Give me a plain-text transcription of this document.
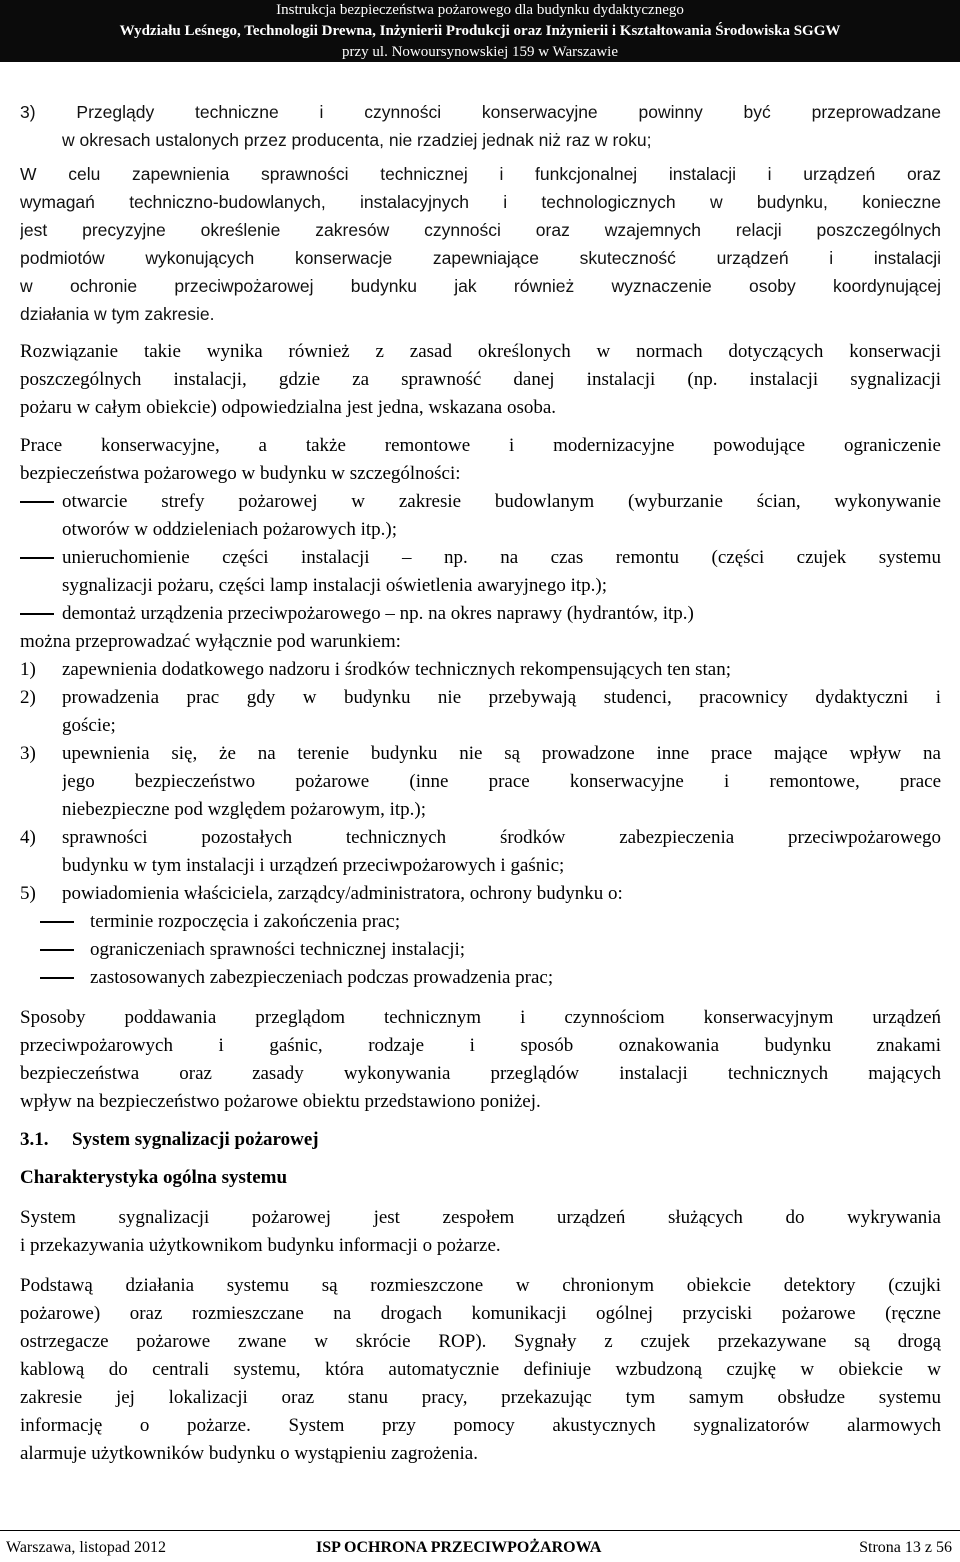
Instrukcja bezpieczeństwa pożarowego dla budynku dydaktycznego
Wydziału Leśnego, Technologii Drewna, Inżynierii Produkcji oraz Inżynierii i Kształtowania Środowiska SGGW
przy ul. Nowoursynowskiej 159 w Warszawie
3) Przeglądy techniczne i czynności konserwacyjne powinny być przeprowadzane
w okresach ustalonych przez producenta, nie rzadziej jednak niż raz w roku;
W celu zapewnienia sprawności technicznej i funkcjonalnej instalacji i urządzeń oraz
wymagań techniczno-budowlanych, instalacyjnych i technologicznych w budynku, konieczne
jest precyzyjne określenie zakresów czynności oraz wzajemnych relacji poszczególnych
podmiotów wykonujących konserwacje zapewniające skuteczność urządzeń i instalacji
w ochronie przeciwpożarowej budynku jak również wyznaczenie osoby koordynującej
działania w tym zakresie.
Rozwiązanie takie wynika również z zasad określonych w normach dotyczących konserwacji
poszczególnych instalacji, gdzie za sprawność danej instalacji (np. instalacji sygnalizacji
pożaru w całym obiekcie) odpowiedzialna jest jedna, wskazana osoba.
Prace konserwacyjne, a także remontowe i modernizacyjne powodujące ograniczenie
bezpieczeństwa pożarowego w budynku w szczególności:
otwarcie strefy pożarowej w zakresie budowlanym (wyburzanie ścian, wykonywanie
otworów w oddzieleniach pożarowych itp.);
unieruchomienie części instalacji – np. na czas remontu (części czujek systemu
sygnalizacji pożaru, części lamp instalacji oświetlenia awaryjnego itp.);
demontaż urządzenia przeciwpożarowego – np. na okres naprawy (hydrantów, itp.)
można przeprowadzać wyłącznie pod warunkiem:
1) zapewnienia dodatkowego nadzoru i środków technicznych rekompensujących ten stan;
2) prowadzenia prac gdy w budynku nie przebywają studenci, pracownicy dydaktyczni i
goście;
3) upewnienia się, że na terenie budynku nie są prowadzone inne prace mające wpływ na
jego bezpieczeństwo pożarowe (inne prace konserwacyjne i remontowe, prace
niebezpieczne pod względem pożarowym, itp.);
4) sprawności pozostałych technicznych środków zabezpieczenia przeciwpożarowego
budynku w tym instalacji i urządzeń przeciwpożarowych i gaśnic;
5) powiadomienia właściciela, zarządcy/administratora, ochrony budynku o:
terminie rozpoczęcia i zakończenia prac;
ograniczeniach sprawności technicznej instalacji;
zastosowanych zabezpieczeniach podczas prowadzenia prac;
Sposoby poddawania przeglądom technicznym i czynnościom konserwacyjnym urządzeń
przeciwpożarowych i gaśnic, rodzaje i sposób oznakowania budynku znakami
bezpieczeństwa oraz zasady wykonywania przeglądów instalacji technicznych mających
wpływ na bezpieczeństwo pożarowe obiektu przedstawiono poniżej.
3.1. System sygnalizacji pożarowej
Charakterystyka ogólna systemu
System sygnalizacji pożarowej jest zespołem urządzeń służących do wykrywania
i przekazywania użytkownikom budynku informacji o pożarze.
Podstawą działania systemu są rozmieszczone w chronionym obiekcie detektory (czujki
pożarowe) oraz rozmieszczane na drogach komunikacji ogólnej przyciski pożarowe (ręczne
ostrzegacze pożarowe zwane w skrócie ROP). Sygnały z czujek przekazywane są drogą
kablową do centrali systemu, która automatycznie definiuje wzbudzoną czujkę w obiekcie w
zakresie jej lokalizacji oraz stanu pracy, przekazując tym samym obsłudze systemu
informację o pożarze. System przy pomocy akustycznych sygnalizatorów alarmowych
alarmuje użytkowników budynku o wystąpieniu zagrożenia.
Warszawa, listopad 2012	ISP OCHRONA PRZECIWPOŻAROWA	Strona 13 z 56
